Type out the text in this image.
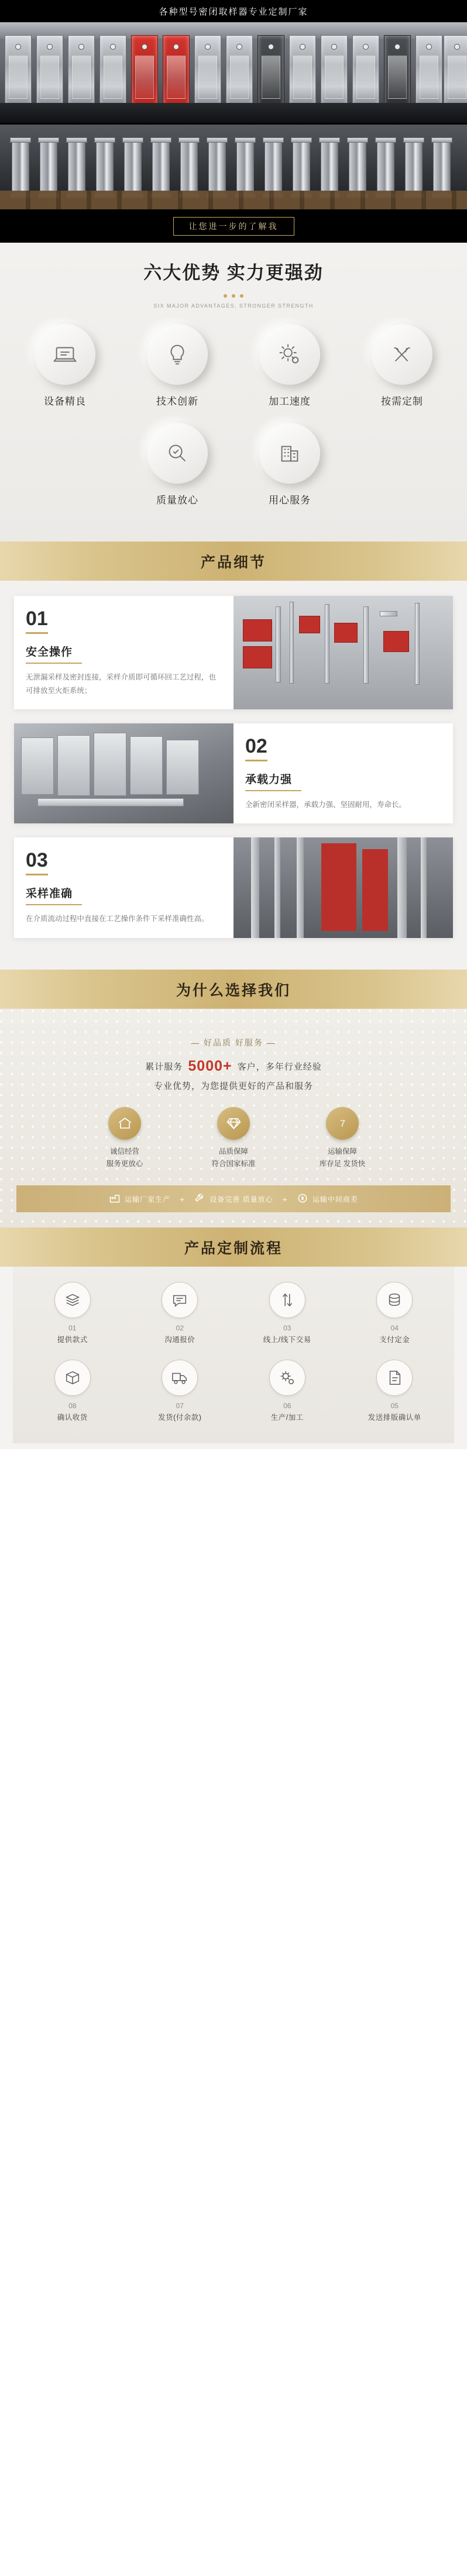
各种型号密闭取样器专业定制厂家
让您进一步的了解我
六大优势 实力更强劲
SIX MAJOR ADVANTAGES, STRONGER STRENGTH
设备精良	技术创新	加工速度	按需定制
质量放心	用心服务
产品细节
01
安全操作

无泄漏采样及密封连接，采样介质即可循环回工艺过程，也可排放至火炬系统；

02
承载力强

全新密闭采样器，承载力强、坚固耐用，寿命长。

03
采样准确

在介质流动过程中直接在工艺操作条件下采样准确性高。

为什么选择我们
— 好品质 好服务 —
累计服务 5000+ 客户，多年行业经验
专业优势，为您提供更好的产品和服务
诚信经营
服务更放心
品质保障
符合国家标准
7
运输保障
库存足 发货快
运输厂家生产 +	设备完善 质量放心 +	运输中间商差
产品定制流程
01
提供款式
02
沟通报价
03
线上/线下交易
04
支付定金
08
确认收货
07
发货(付余款)
06
生产/加工
05
发送排版确认单
